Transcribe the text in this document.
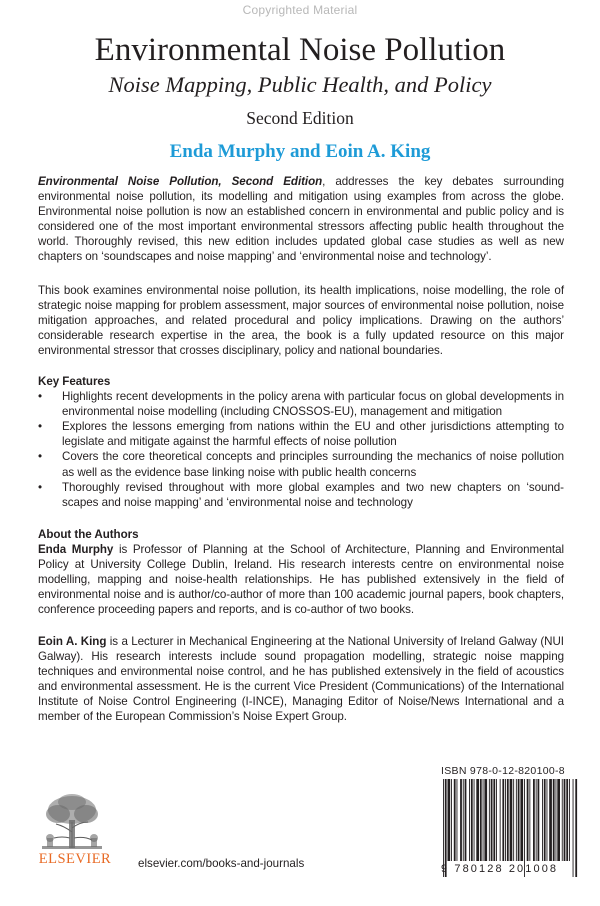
Copyrighted Material
Environmental Noise Pollution
Noise Mapping, Public Health, and Policy
Second Edition
Enda Murphy and Eoin A. King

Environmental Noise Pollution, Second Edition, addresses the key debates surrounding environmental noise pollution, its modelling and mitigation using examples from across the globe. Environmental noise pollution is now an established concern in environmental and public policy and is considered one of the most important environmental stressors affecting public health throughout the world. Thoroughly revised, this new edition includes updated global case studies as well as new chapters on ‘soundscapes and noise mapping’ and ‘environmental noise and technology’.

This book examines environmental noise pollution, its health implications, noise modelling, the role of strategic noise mapping for problem assessment, major sources of environmental noise pollution, noise mitigation approaches, and related procedural and policy implications. Drawing on the authors’ considerable research expertise in the area, the book is a fully updated resource on this major environmental stressor that crosses disciplinary, policy and national boundaries.

Key Features

• Highlights recent developments in the policy arena with particular focus on global developments in environmental noise modelling (including CNOSSOS-EU), management and mitigation
• Explores the lessons emerging from nations within the EU and other jurisdictions attempting to legislate and mitigate against the harmful effects of noise pollution
• Covers the core theoretical concepts and principles surrounding the mechanics of noise pollution as well as the evidence base linking noise with public health concerns
• Thoroughly revised throughout with more global examples and two new chapters on ‘sound-scapes and noise mapping’ and ‘environmental noise and technology

About the Authors

Enda Murphy is Professor of Planning at the School of Architecture, Planning and Environmental Policy at University College Dublin, Ireland. His research interests centre on environmental noise modelling, mapping and noise-health relationships. He has published extensively in the field of environmental noise and is author/co-author of more than 100 academic journal papers, book chapters, conference proceeding papers and reports, and is co-author of two books.

Eoin A. King is a Lecturer in Mechanical Engineering at the National University of Ireland Galway (NUI Galway). His research interests include sound propagation modelling, strategic noise mapping techniques and environmental noise control, and he has published extensively in the field of acoustics and environmental assessment. He is the current Vice President (Communications) of the International Institute of Noise Control Engineering (I-INCE), Managing Editor of Noise/News International and a member of the European Commission’s Noise Expert Group.

ISBN 978-0-12-820100-8
9 780128 201008
ELSEVIER	elsevier.com/books-and-journals
